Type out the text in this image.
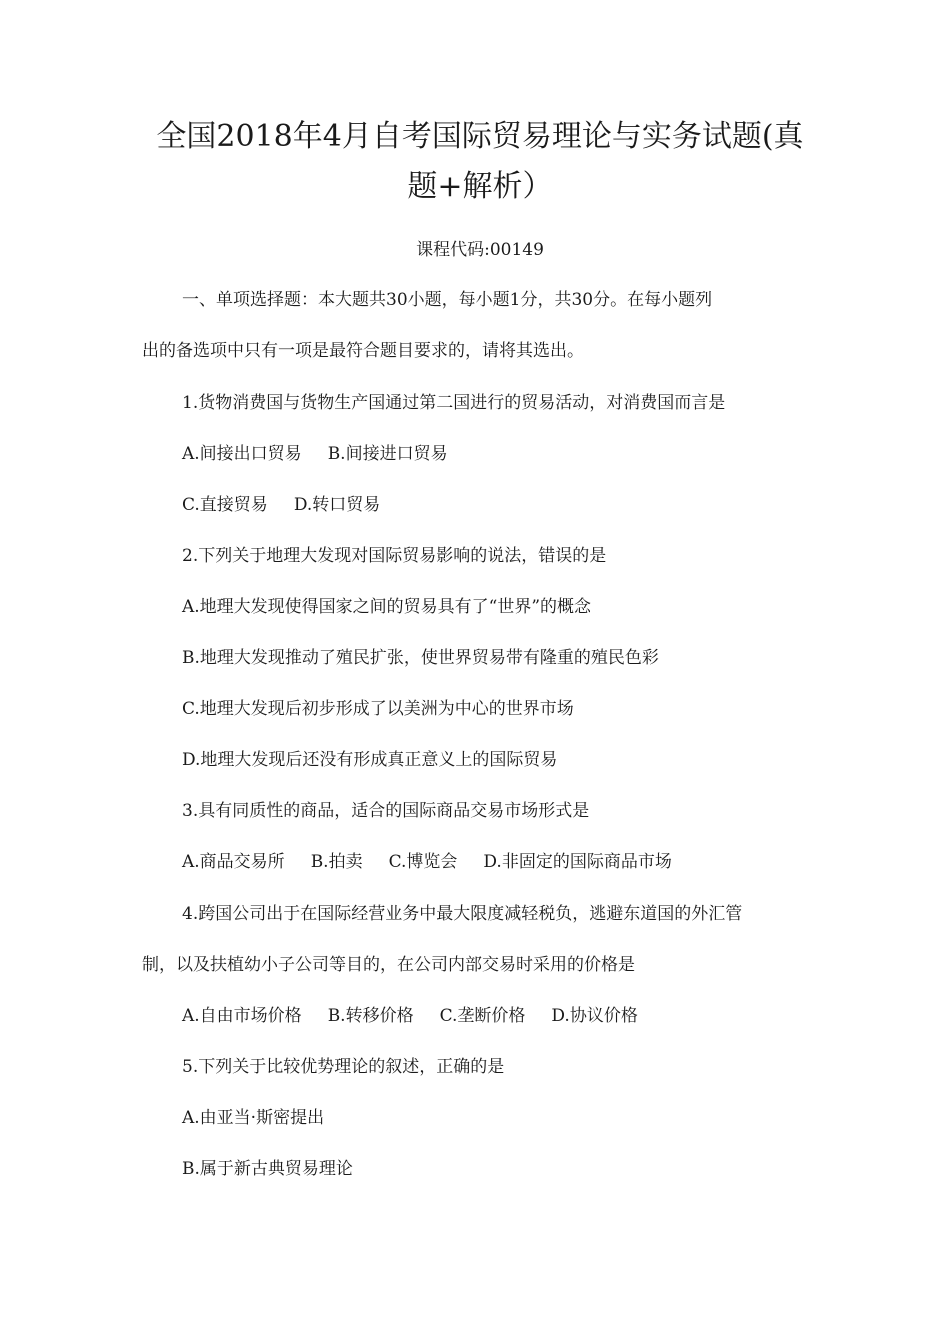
全国2018年4月自考国际贸易理论与实务试题(真
题+解析）
课程代码:00149
一、单项选择题：本大题共30小题，每小题1分，共30分。在每小题列
出的备选项中只有一项是最符合题目要求的，请将其选出。
1.货物消费国与货物生产国通过第二国进行的贸易活动，对消费国而言是
A.间接出口贸易 B.间接进口贸易
C.直接贸易 D.转口贸易
2.下列关于地理大发现对国际贸易影响的说法，错误的是
A.地理大发现使得国家之间的贸易具有了“世界”的概念
B.地理大发现推动了殖民扩张，使世界贸易带有隆重的殖民色彩
C.地理大发现后初步形成了以美洲为中心的世界市场
D.地理大发现后还没有形成真正意义上的国际贸易
3.具有同质性的商品，适合的国际商品交易市场形式是
A.商品交易所 B.拍卖 C.博览会 D.非固定的国际商品市场
4.跨国公司出于在国际经营业务中最大限度减轻税负，逃避东道国的外汇管
制，以及扶植幼小子公司等目的，在公司内部交易时采用的价格是
A.自由市场价格 B.转移价格 C.垄断价格 D.协议价格
5.下列关于比较优势理论的叙述，正确的是
A.由亚当·斯密提出
B.属于新古典贸易理论
